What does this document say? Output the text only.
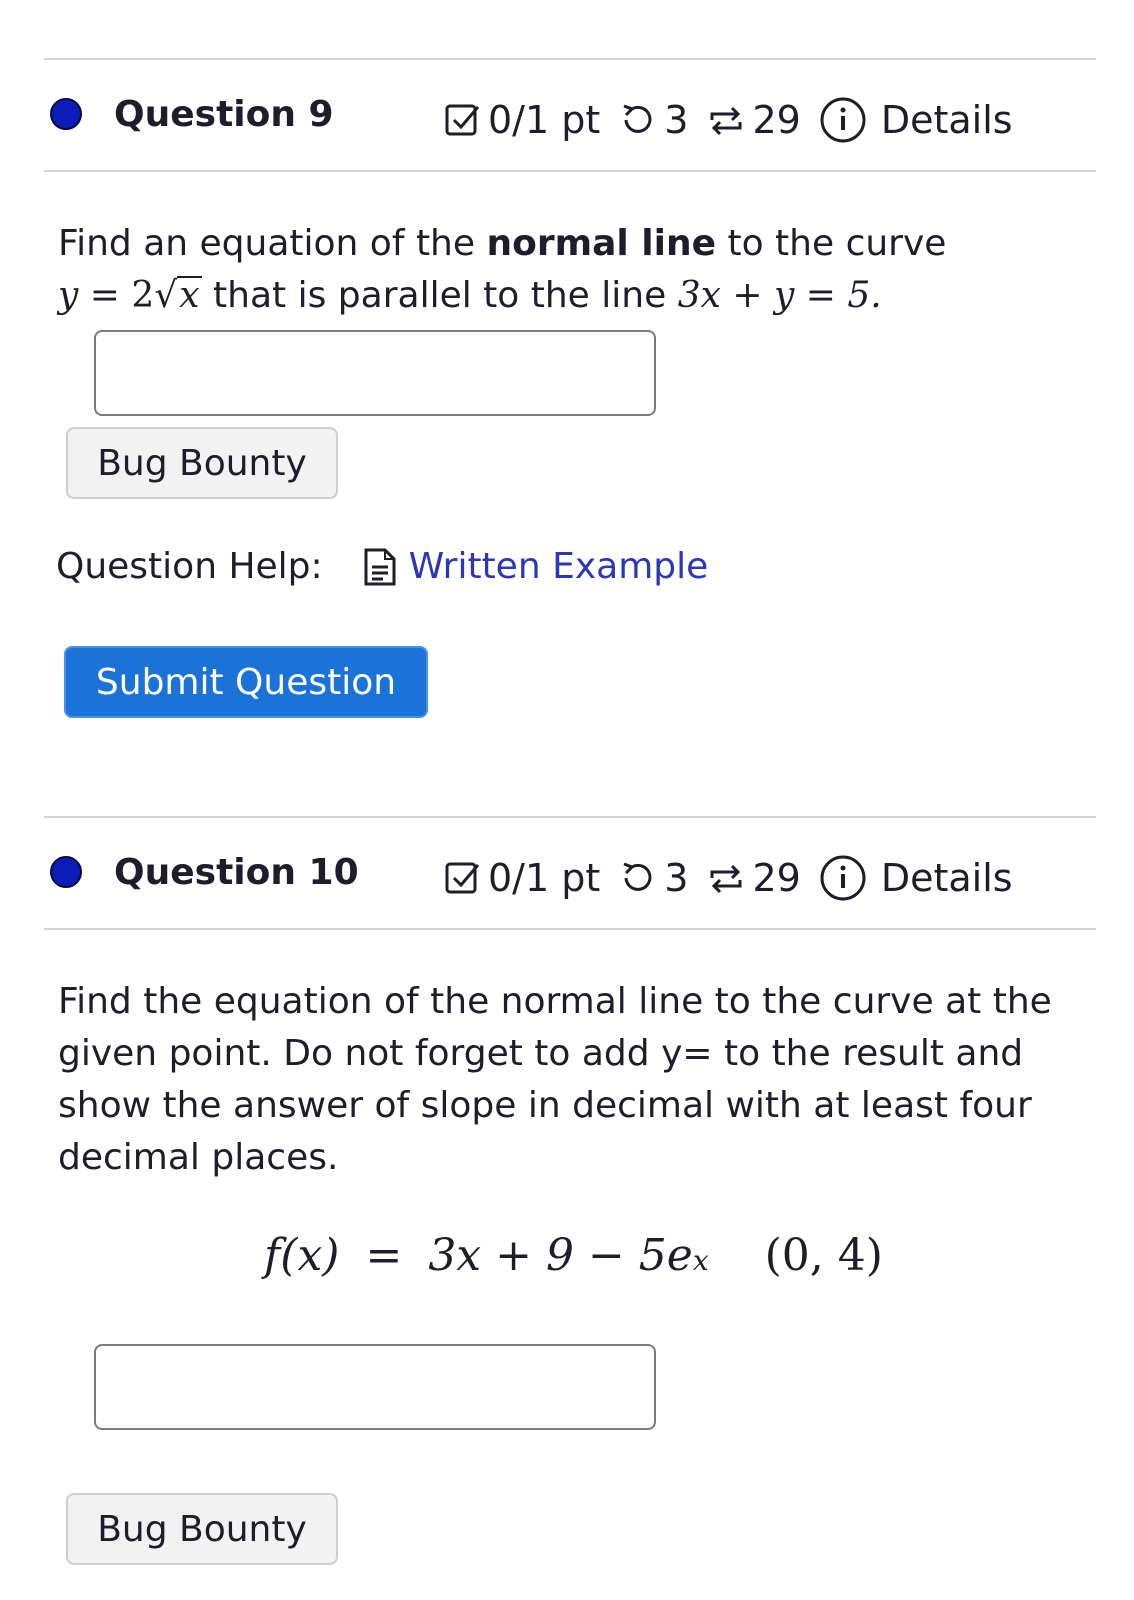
Question 9	0/1 pt 3 29 Details
Find an equation of the normal line to the curve
y = 2√x that is parallel to the line 3x + y = 5.
Bug Bounty
Question Help: Written Example
Submit Question
Question 10	0/1 pt 3 29 Details
Find the equation of the normal line to the curve at the given point. Do not forget to add y= to the result and show the answer of slope in decimal with at least four decimal places.
f(x) = 3x + 9 − 5e x (0, 4)
Bug Bounty
